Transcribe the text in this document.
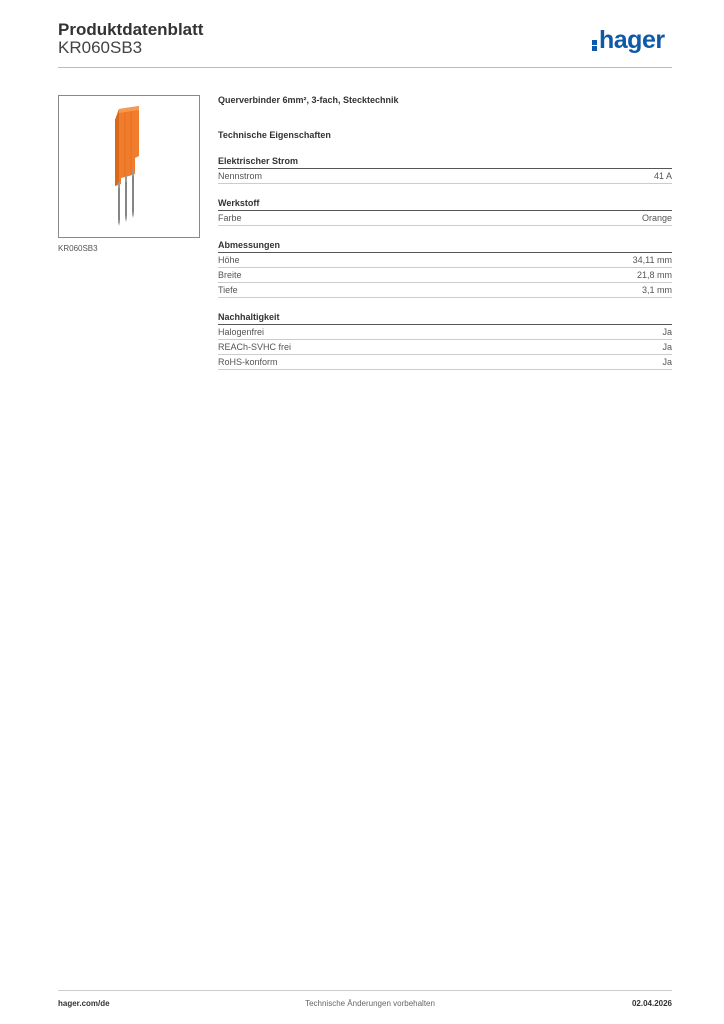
Produktdatenblatt
KR060SB3	hager
KR060SB3
Querverbinder 6mm², 3-fach, Stecktechnik
Technische Eigenschaften
Elektrischer Strom
Nennstrom	41 A
Werkstoff
Farbe	Orange
Abmessungen
Höhe	34,11 mm
Breite	21,8 mm
Tiefe	3,1 mm
Nachhaltigkeit
Halogenfrei	Ja
REACh-SVHC frei	Ja
RoHS-konform	Ja
hager.com/de	Technische Änderungen vorbehalten	02.04.2026
